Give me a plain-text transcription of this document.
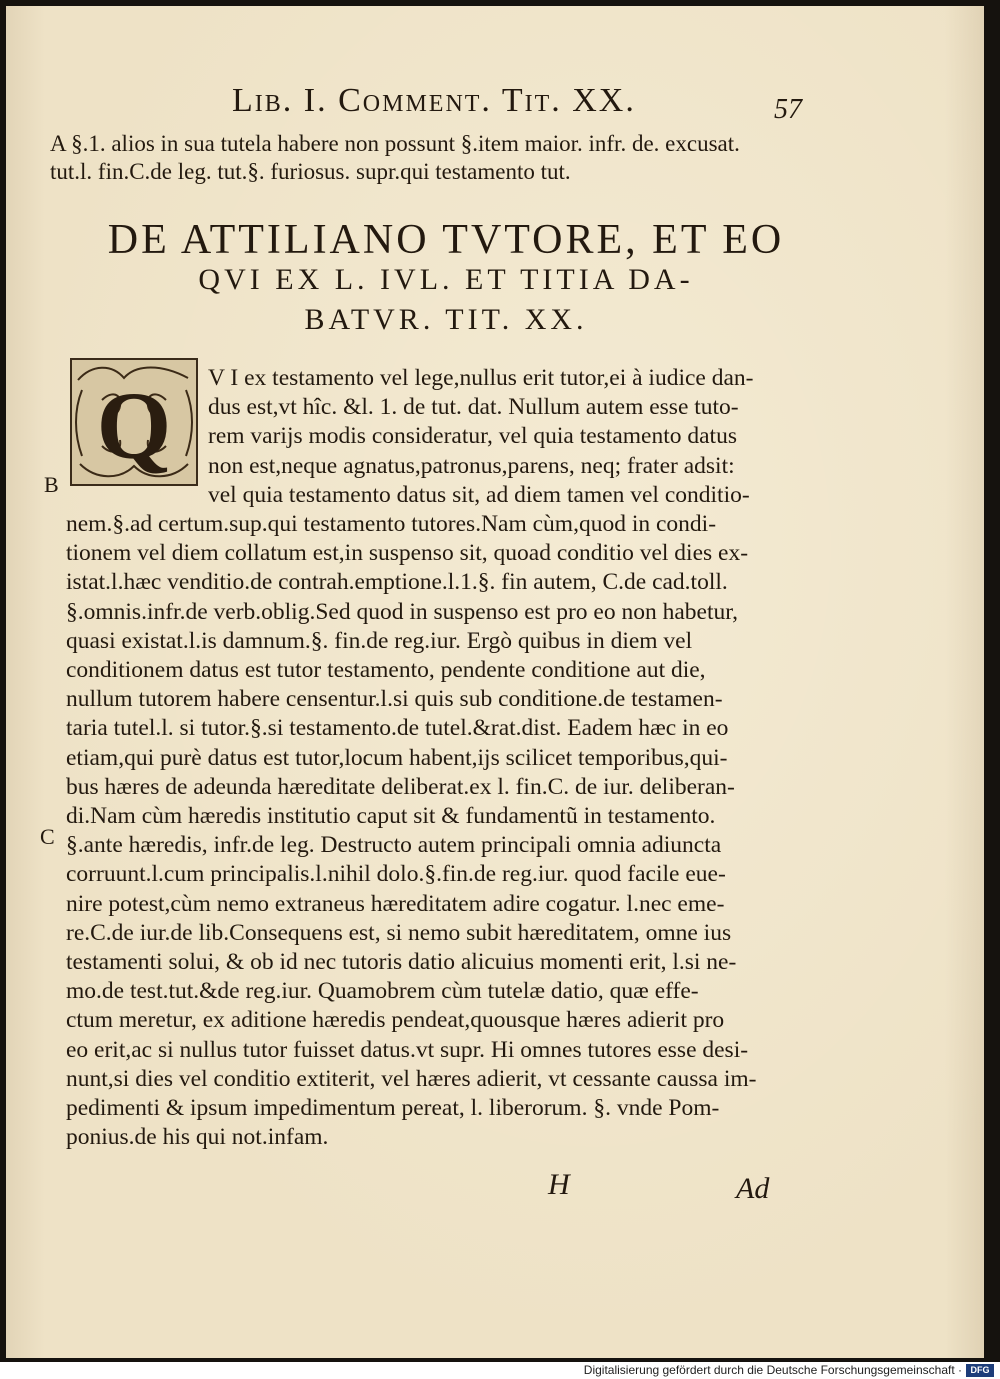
Lib. I. Comment. Tit. XX.	57
A §.1. alios in sua tutela habere non possunt §.item maior. infr. de. excusat.
tut.l. fin.C.de leg. tut.§. furiosus. supr.qui testamento tut.
DE ATTILIANO TVTORE, ET EO
QVI EX L. IVL. ET TITIA DA-
BATVR. TIT. XX.
Q
B
C
V I ex testamento vel lege,nullus erit tutor,ei à iudice dan-
dus est,vt hîc. &l. 1. de tut. dat. Nullum autem esse tuto-
rem varijs modis consideratur, vel quia testamento datus
non est,neque agnatus,patronus,parens, neq; frater adsit:
vel quia testamento datus sit, ad diem tamen vel conditio-
nem.§.ad certum.sup.qui testamento tutores.Nam cùm,quod in condi-
tionem vel diem collatum est,in suspenso sit, quoad conditio vel dies ex-
istat.l.hæc venditio.de contrah.emptione.l.1.§. fin autem, C.de cad.toll.
§.omnis.infr.de verb.oblig.Sed quod in suspenso est pro eo non habetur,
quasi existat.l.is damnum.§. fin.de reg.iur. Ergò quibus in diem vel
conditionem datus est tutor testamento, pendente conditione aut die,
nullum tutorem habere censentur.l.si quis sub conditione.de testamen-
taria tutel.l. si tutor.§.si testamento.de tutel.&rat.dist. Eadem hæc in eo
etiam,qui purè datus est tutor,locum habent,ijs scilicet temporibus,qui-
bus hæres de adeunda hæreditate deliberat.ex l. fin.C. de iur. deliberan-
di.Nam cùm hæredis institutio caput sit & fundamentũ in testamento.
§.ante hæredis, infr.de leg. Destructo autem principali omnia adiuncta
corruunt.l.cum principalis.l.nihil dolo.§.fin.de reg.iur. quod facile eue-
nire potest,cùm nemo extraneus hæreditatem adire cogatur. l.nec eme-
re.C.de iur.de lib.Consequens est, si nemo subit hæreditatem, omne ius
testamenti solui, & ob id nec tutoris datio alicuius momenti erit, l.si ne-
mo.de test.tut.&de reg.iur. Quamobrem cùm tutelæ datio, quæ effe-
ctum meretur, ex aditione hæredis pendeat,quousque hæres adierit pro
eo erit,ac si nullus tutor fuisset datus.vt supr. Hi omnes tutores esse desi-
nunt,si dies vel conditio extiterit, vel hæres adierit, vt cessante caussa im-
pedimenti & ipsum impedimentum pereat, l. liberorum. §. vnde Pom-
ponius.de his qui not.infam.
H	Ad
Digitalisierung gefördert durch die Deutsche Forschungsgemeinschaft · DFG
